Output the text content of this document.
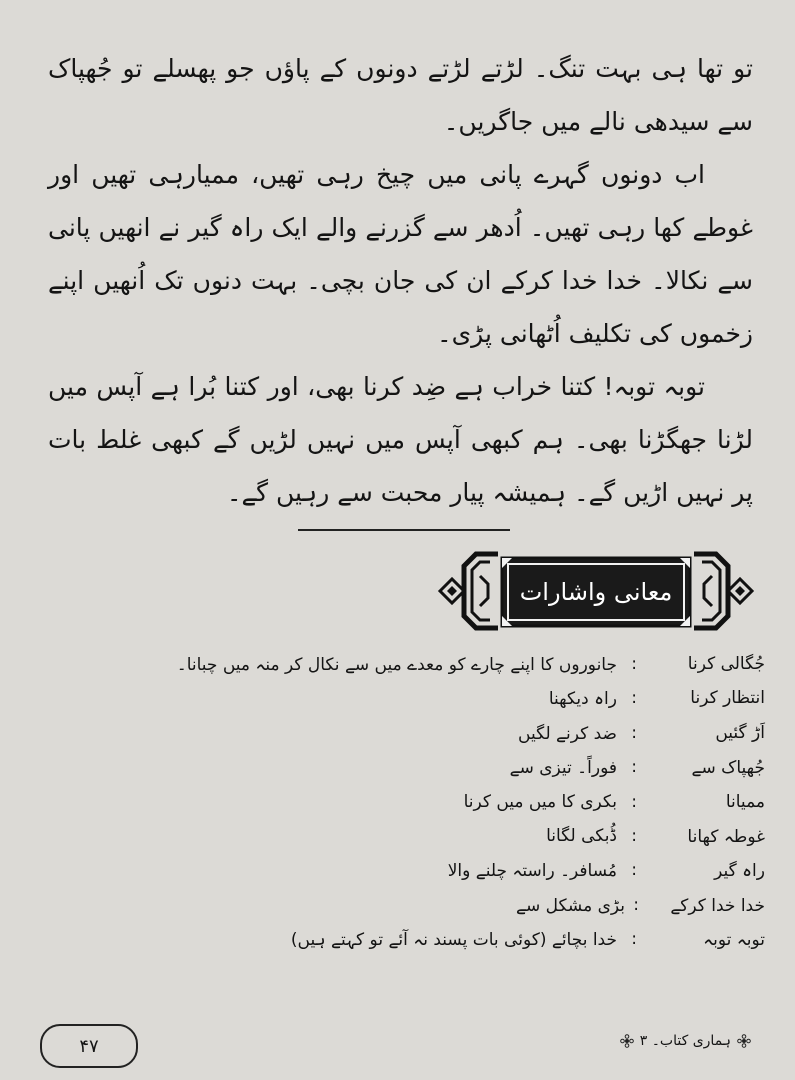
تو تھا ہی بہت تنگ۔ لڑتے لڑتے دونوں کے پاؤں جو پھسلے تو جُھپاک سے سیدھی نالے میں جاگریں۔

اب دونوں گہرے پانی میں چیخ رہی تھیں، ممیارہی تھیں اور غوطے کھا رہی تھیں۔ اُدھر سے گزرنے والے ایک راہ گیر نے انھیں پانی سے نکالا۔ خدا خدا کرکے ان کی جان بچی۔ بہت دنوں تک اُنھیں اپنے زخموں کی تکلیف اُٹھانی پڑی۔

توبہ توبہ! کتنا خراب ہے ضِد کرنا بھی، اور کتنا بُرا ہے آپس میں لڑنا جھگڑنا بھی۔ ہم کبھی آپس میں نہیں لڑیں گے کبھی غلط بات پر نہیں اڑیں گے۔ ہمیشہ پیار محبت سے رہیں گے۔

معانی واشارات
جُگالی کرنا
:
جانوروں کا اپنے چارے کو معدے میں سے نکال کر منہ میں چبانا۔
انتظار کرنا
:
راہ دیکھنا
اَڑ گئیں
:
ضد کرنے لگیں
جُھپاک سے
:
فوراً۔ تیزی سے
ممیانا
:
بکری کا میں میں کرنا
غوطہ کھانا
:
ڈُبکی لگانا
راہ گیر
:
مُسافر۔ راستہ چلنے والا
خدا خدا کرکے
:
بڑی مشکل سے
توبہ توبہ
:
خدا بچائے (کوئی بات پسند نہ آئے تو کہتے ہیں)
۴۷	ہماری کتاب۔ ۳
